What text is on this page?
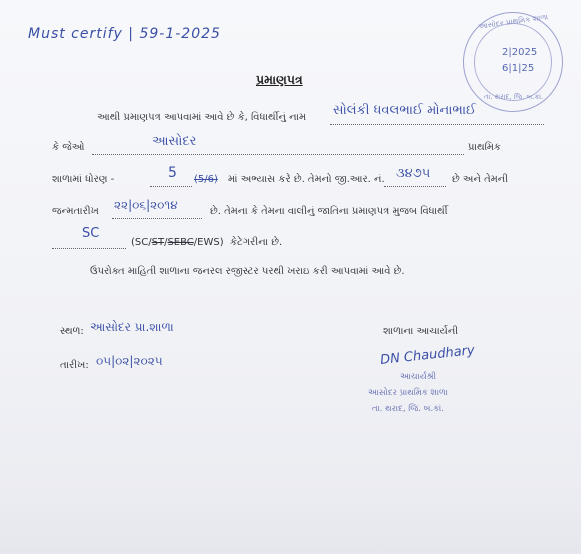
Must certify | 59-1-2025
આસોદર પ્રાથમિક શાળા
2|2025
6|1|25
તા. થરાદ, જિ. બ.કાં.
પ્રમાણપત્ર
આથી પ્રમાણપત્ર આપવામાં આવે છે કે, વિધાર્થીનું નામ સોલંકી ધવલભાઈ મોનાભાઈ
કે જેઓ	આસોદર	પ્રાથમિક
શાળામાં ધોરણ -	5 (5/6) માં અભ્યાસ કરે છે. તેમનો જી.આર. નં. ૩૪૭૫ છે અને તેમની
જન્મતારીખ ૨૨|૦૬|૨૦૧૪	છે. તેમના કે તેમના વાલીનું જાતિના પ્રમાણપત્ર મુજબ વિધાર્થી
SC
(SC/ST/SEBC/EWS) કેટેગરીના છે.
ઉપરોક્ત માહિતી શાળાના જનરલ રજીસ્ટર પરથી ખરાઇ કરી આપવામાં આવે છે.
સ્થળ: આસોદર પ્રા.શાળા
તારીખ: ૦૫|૦૨|૨૦૨૫
શાળાના આચાર્યની
DN Chaudhary
આચાર્યશ્રી
આસોદર પ્રાથમિક શાળા
તા. થરાદ, જિ. બ.કાં.
